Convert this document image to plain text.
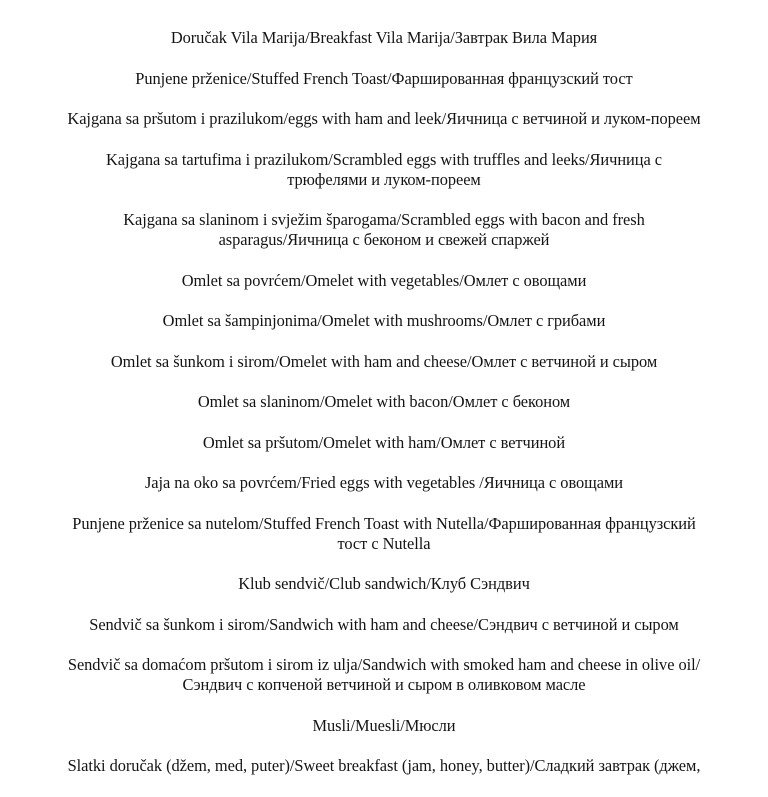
Doručak Vila Marija/Breakfast Vila Marija/Завтрак Вила Мария
Punjene prženice/Stuffed French Toast/Фаршированная французский тост
Kajgana sa pršutom i prazilukom/eggs with ham and leek/Яичница с ветчиной и луком-пореем
Kajgana sa tartufima i prazilukom/Scrambled eggs with truffles and leeks/Яичница с
трюфелями и луком-пореем
Kajgana sa slaninom i svježim šparogama/Scrambled eggs with bacon and fresh
asparagus/Яичница с беконом и свежей спаржей
Omlet sa povrćem/Omelet with vegetables/Омлет с овощами
Omlet sa šampinjonima/Omelet with mushrooms/Омлет с грибами
Omlet sa šunkom i sirom/Omelet with ham and cheese/Омлет с ветчиной и сыром
Omlet sa slaninom/Omelet with bacon/Омлет с беконом
Omlet sa pršutom/Omelet with ham/Омлет с ветчиной
Jaja na oko sa povrćem/Fried eggs with vegetables /Яичница с овощами
Punjene prženice sa nutelom/Stuffed French Toast with Nutella/Фаршированная французский
тост с Nutella
Klub sendvič/Club sandwich/Клуб Сэндвич
Sendvič sa šunkom i sirom/Sandwich with ham and cheese/Сэндвич с ветчиной и сыром
Sendvič sa domaćom pršutom i sirom iz ulja/Sandwich with smoked ham and cheese in olive oil/
Сэндвич с копченой ветчиной и сыром в оливковом масле
Musli/Muesli/Мюсли
Slatki doručak (džem, med, puter)/Sweet breakfast (jam, honey, butter)/Сладкий завтрак (джем,
